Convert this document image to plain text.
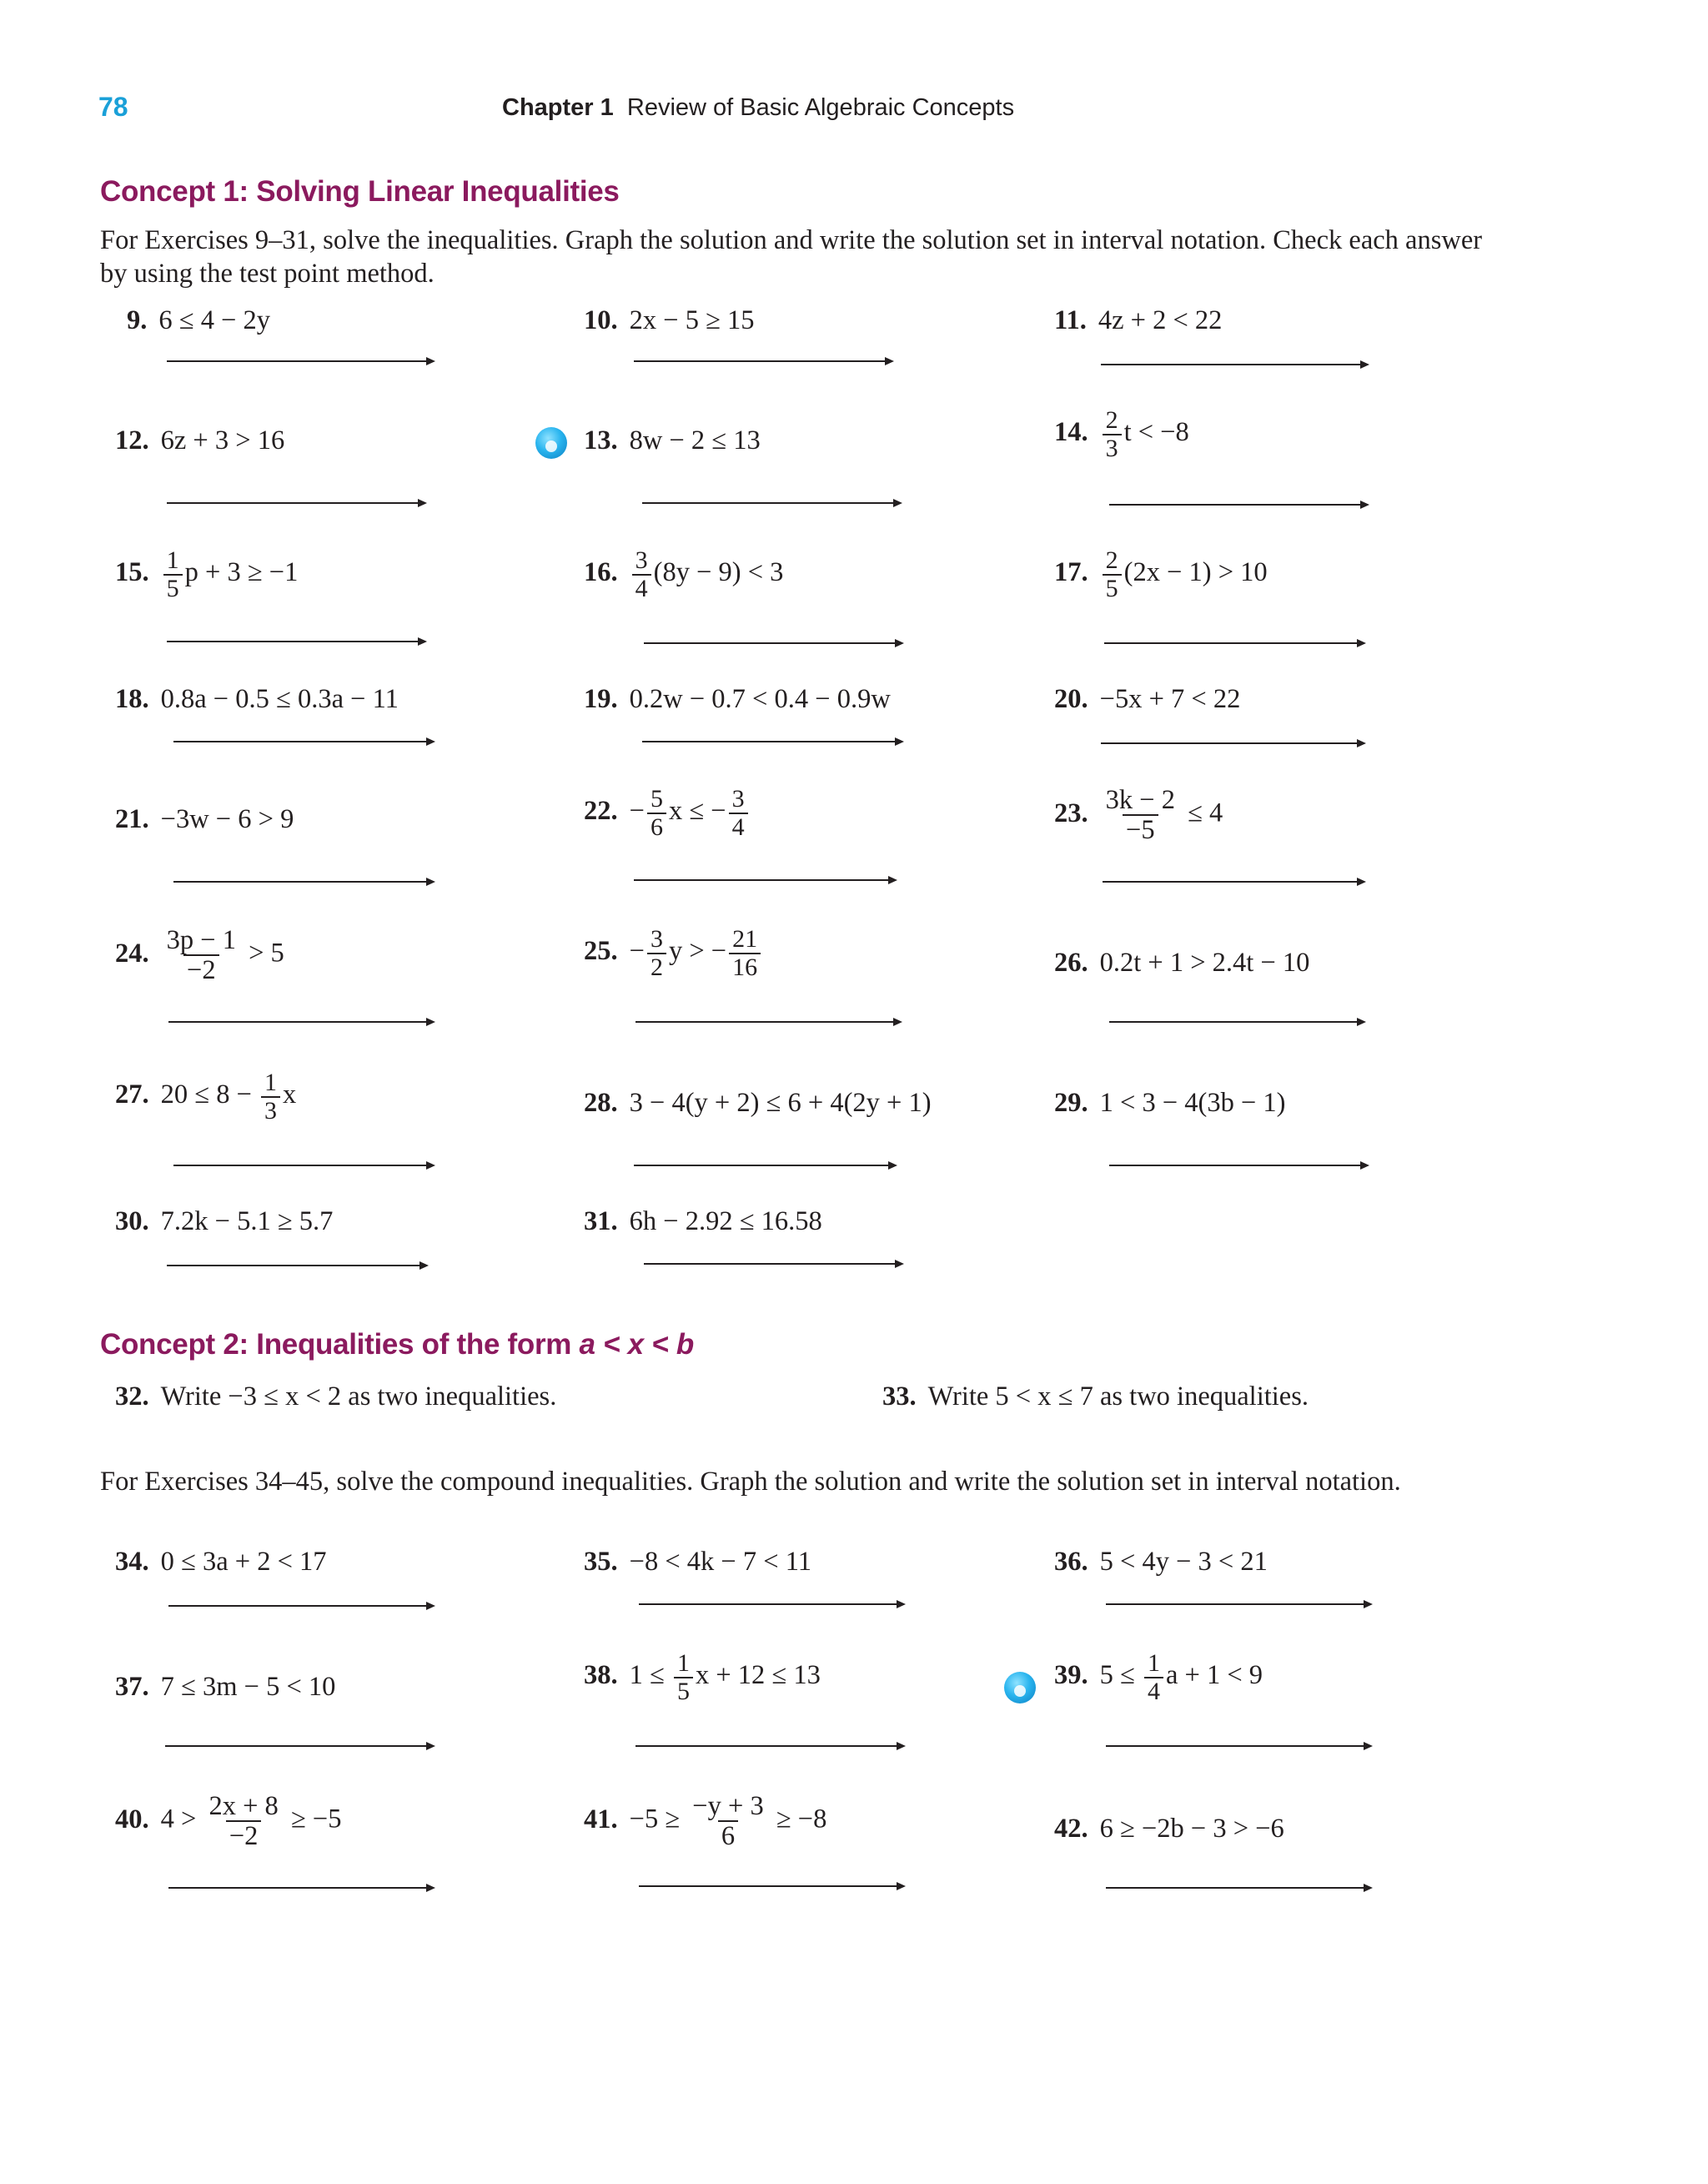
78	Chapter 1 Review of Basic Algebraic Concepts
Concept 1: Solving Linear Inequalities
For Exercises 9–31, solve the inequalities. Graph the solution and write the solution set in interval notation. Check each answer by using the test point method.
9. 6 ≤ 4 − 2y	10. 2x − 5 ≥ 15	11. 4z + 2 < 22
12. 6z + 3 > 16	13. 8w − 2 ≤ 13	14. $\frac{2}{3}$ t < −8
15. $\frac{1}{5}$ p + 3 ≥ −1	16. $\frac{3}{4} (8y - 9) < 3$	17. $\frac{2}{5} (2x - 1) > 10$
18. 0.8a − 0.5 ≤ 0.3a − 11	19. 0.2w − 0.7 < 0.4 − 0.9w	20. −5x + 7 < 22
21. −3w − 6 > 9	22. − $\frac{5}{6}$ x ≤ − $\frac{3}{4}$	23. $\frac{3k - 2}{-5} \le 4$
24. $\frac{3p - 1}{-2} > 5$	25. − $\frac{3}{2}$ y > − $\frac{21}{16}$	26. 0.2t + 1 > 2.4t − 10
27. $20 \le 8 - \frac{1}{3}$ x	28. 3 − 4(y + 2) ≤ 6 + 4(2y + 1)	29. 1 < 3 − 4(3b − 1)
30. 7.2k − 5.1 ≥ 5.7	31. 6h − 2.92 ≤ 16.58
Concept 2: Inequalities of the form a < x < b
32. Write −3 ≤ x < 2 as two inequalities.	33. Write 5 < x ≤ 7 as two inequalities.
For Exercises 34–45, solve the compound inequalities. Graph the solution and write the solution set in interval notation.
34. 0 ≤ 3a + 2 < 17	35. −8 < 4k − 7 < 11	36. 5 < 4y − 3 < 21
37. 7 ≤ 3m − 5 < 10	38. $1 \le \frac{1}{5}$ x + 12 ≤ 13	39. $5 \le \frac{1}{4}$ a + 1 < 9
40. $4 > \frac{2x + 8}{-2} \ge -5$	41. $-5 \ge \frac{-y + 3}{6} \ge -8$	42. 6 ≥ −2b − 3 > −6
